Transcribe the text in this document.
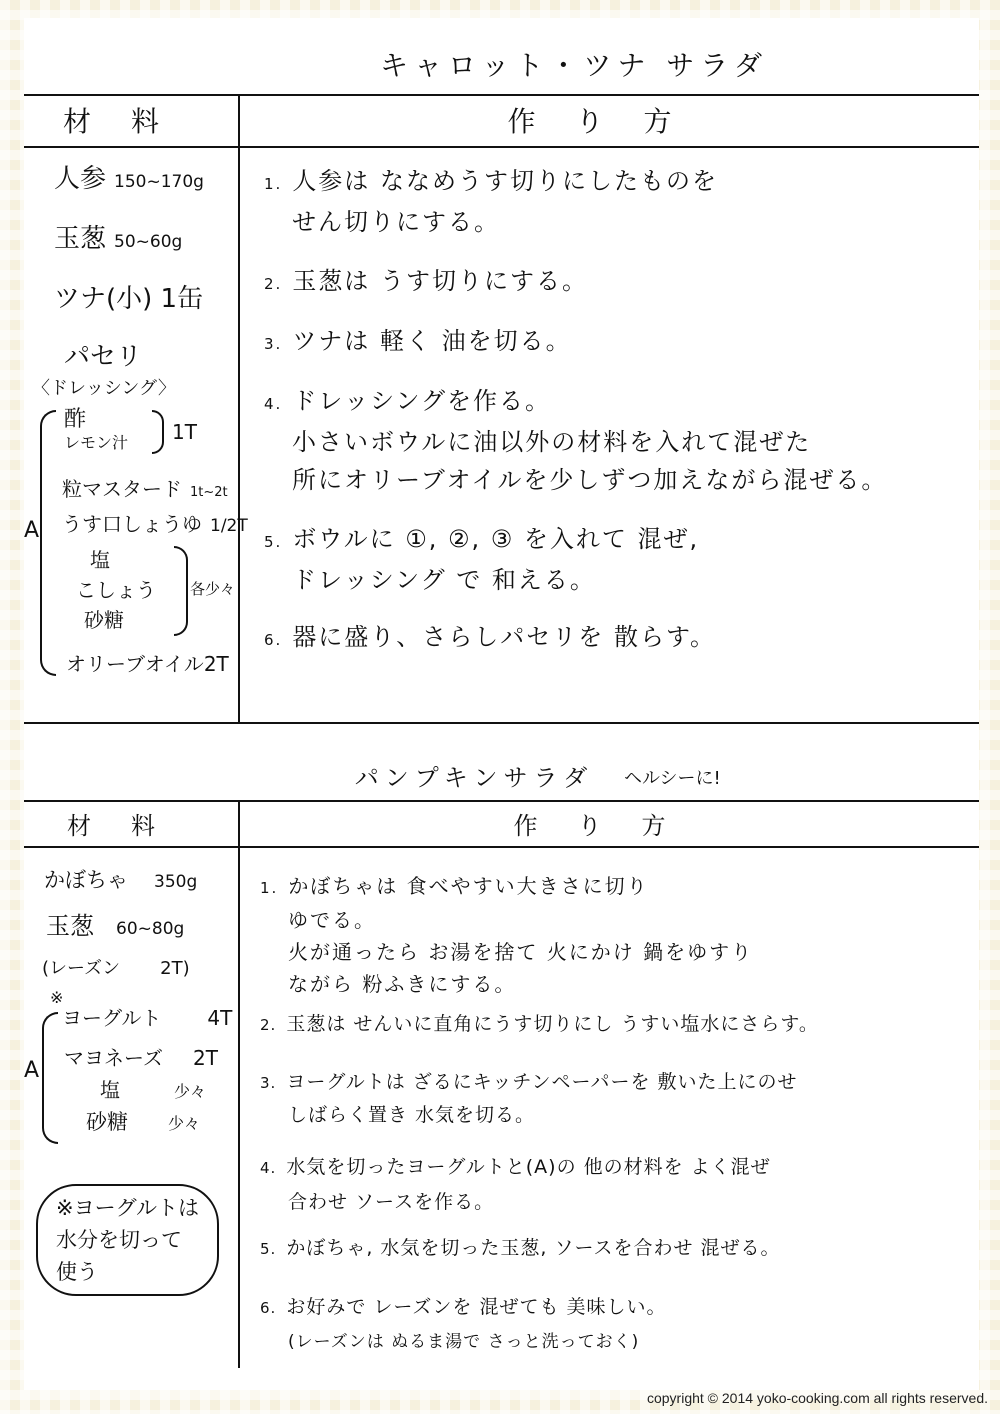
キャロット・ツナ サラダ
材料	作り方
人参 150~170g
玉葱 50~60g
ツナ(小) 1缶
パセリ
〈ドレッシング〉
A
酢
レモン汁 1T
粒マスタード 1t~2t
うす口しょうゆ 1/2T
塩
こしょう
砂糖
各少々
オリーブオイル2T
1. 人参は ななめうす切りにしたものを
せん切りにする。
2. 玉葱は うす切りにする。
3. ツナは 軽く 油を切る。
4. ドレッシングを作る。
小さいボウルに油以外の材料を入れて混ぜた
所にオリーブオイルを少しずつ加えながら混ぜる。
5. ボウルに ①, ②, ③ を入れて 混ぜ,
ドレッシング で 和える。
6. 器に盛り、さらしパセリを 散らす。
パンプキンサラダ	ヘルシーに!
材料	作り方
かぼちゃ 350g
玉葱 60~80g
(レーズン 2T)
※
A
ヨーグルト 4T
マヨネーズ 2T
塩	少々
砂糖	少々
※ヨーグルトは
水分を切って
使う
1. かぼちゃは 食べやすい大きさに切り
ゆでる。
火が通ったら お湯を捨て 火にかけ 鍋をゆすり
ながら 粉ふきにする。
2. 玉葱は せんいに直角にうす切りにし うすい塩水にさらす。
3. ヨーグルトは ざるにキッチンペーパーを 敷いた上にのせ
しばらく置き 水気を切る。
4. 水気を切ったヨーグルトと(A)の 他の材料を よく混ぜ
合わせ ソースを作る。
5. かぼちゃ, 水気を切った玉葱, ソースを合わせ 混ぜる。
6. お好みで レーズンを 混ぜても 美味しい。
(レーズンは ぬるま湯で さっと洗っておく)
copyright © 2014 yoko-cooking.com all rights reserved.
